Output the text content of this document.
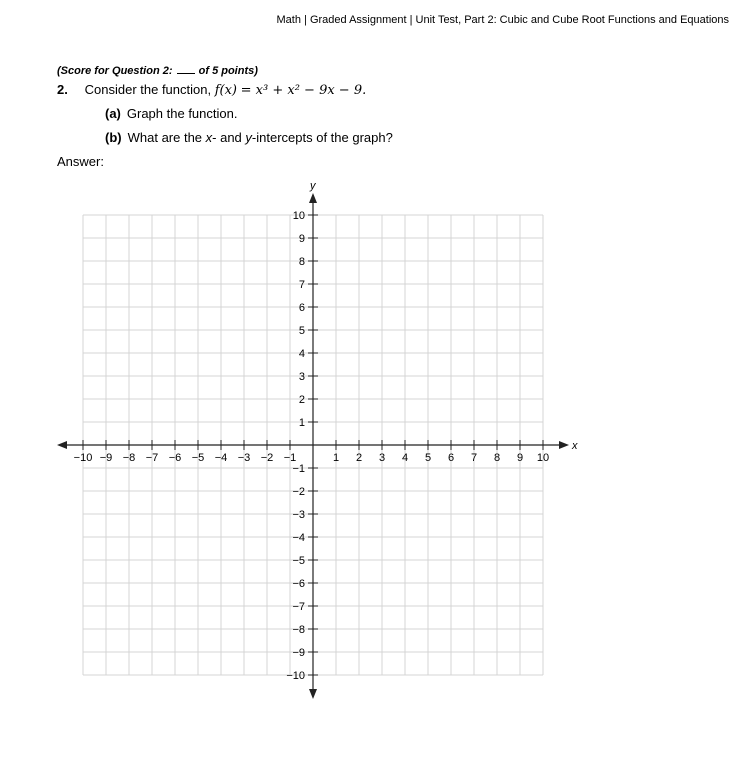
Math | Graded Assignment | Unit Test, Part 2: Cubic and Cube Root Functions and Equations
(Score for Question 2:  of 5 points)
2. Consider the function, f(x) = x³ + x² − 9x − 9.
(a) Graph the function.
(b) What are the x- and y-intercepts of the graph?
Answer:
x
y
−10 −9 −8 −7 −6 −5 −4 −3 −2 −1	1 2 3 4 5 6 7 8 9 10
10
9
8
7
6
5
4
3
2
1
−1
−2
−3
−4
−5
−6
−7
−8
−9
−10
